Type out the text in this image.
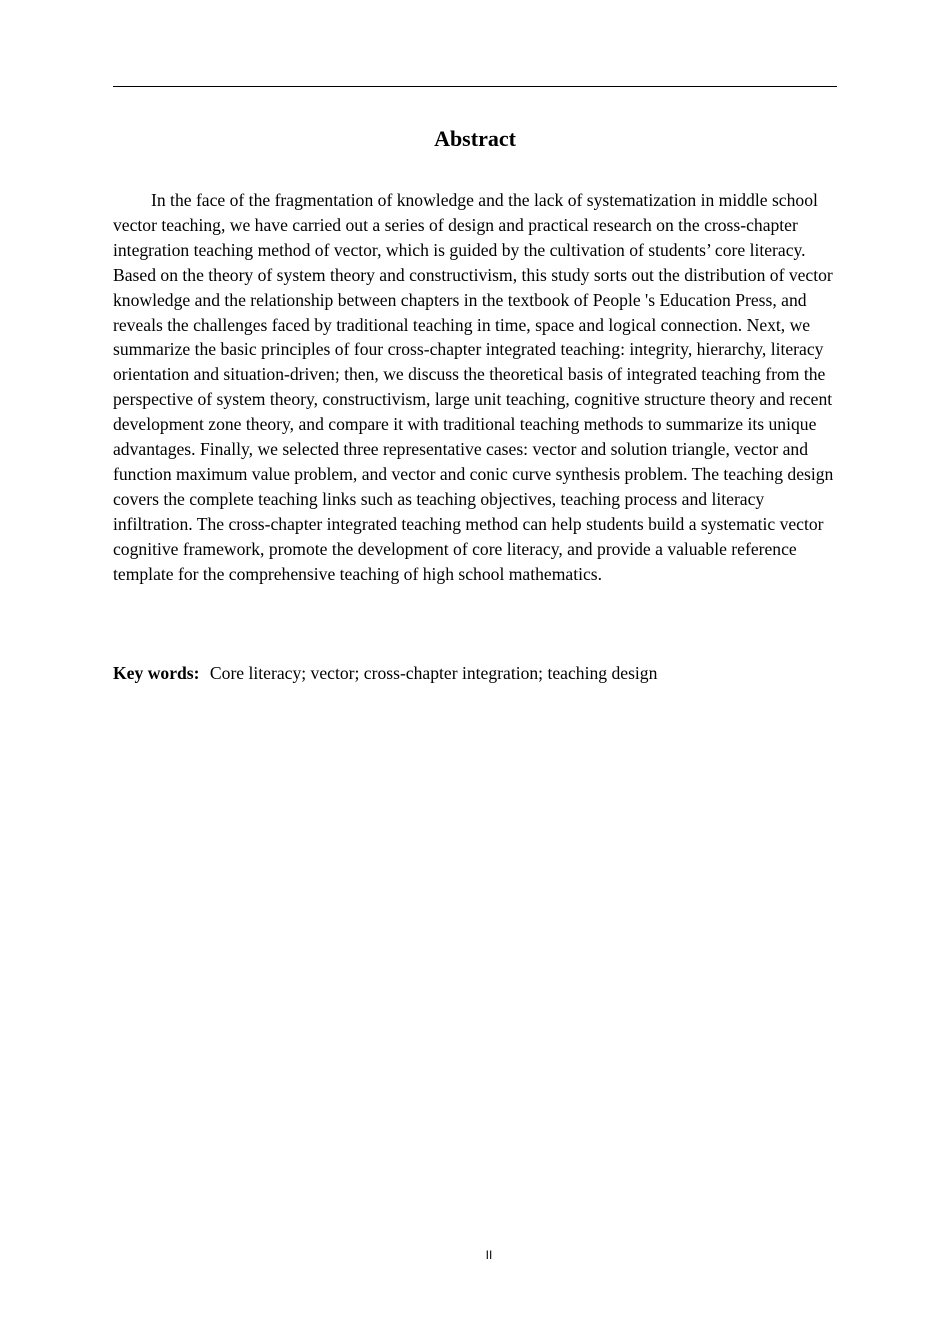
Abstract

In the face of the fragmentation of knowledge and the lack of systematization in middle school vector teaching, we have carried out a series of design and practical research on the cross-chapter integration teaching method of vector, which is guided by the cultivation of students’ core literacy. Based on the theory of system theory and constructivism, this study sorts out the distribution of vector knowledge and the relationship between chapters in the textbook of People 's Education Press, and reveals the challenges faced by traditional teaching in time, space and logical connection. Next, we summarize the basic principles of four cross-chapter integrated teaching: integrity, hierarchy, literacy orientation and situation-driven; then, we discuss the theoretical basis of integrated teaching from the perspective of system theory, constructivism, large unit teaching, cognitive structure theory and recent development zone theory, and compare it with traditional teaching methods to summarize its unique advantages. Finally, we selected three representative cases: vector and solution triangle, vector and function maximum value problem, and vector and conic curve synthesis problem. The teaching design covers the complete teaching links such as teaching objectives, teaching process and literacy infiltration. The cross-chapter integrated teaching method can help students build a systematic vector cognitive framework, promote the development of core literacy, and provide a valuable reference template for the comprehensive teaching of high school mathematics.

Key words: Core literacy; vector; cross-chapter integration; teaching design

II
